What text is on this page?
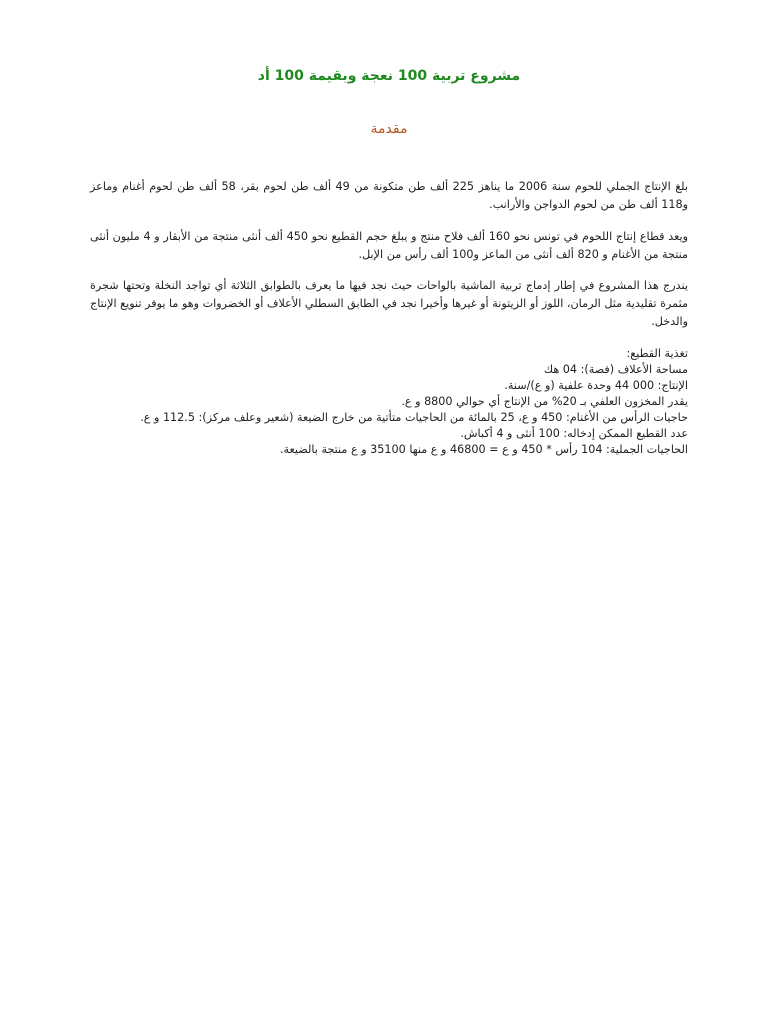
مشروع تربية 100 نعجة وبقيمة 100 أد
مقدمة

بلغ الإنتاج الجملي للحوم سنة 2006 ما يناهز 225 ألف طن متكونة من 49 ألف طن لحوم بقر، 58 ألف طن لحوم أغنام وماعز و118 ألف طن من لحوم الدواجن والأرانب.

ويعد قطاع إنتاج اللحوم في تونس نحو 160 ألف فلاح منتج و يبلغ حجم القطيع نحو 450 ألف أنثى منتجة من الأبقار و 4 مليون أنثى منتجة من الأغنام و 820 ألف أنثى من الماعز و100 ألف رأس من الإبل.

يندرج هذا المشروع في إطار إدماج تربية الماشية بالواحات حيث نجد فيها ما يعرف بالطوابق الثلاثة أي تواجد النخلة وتحتها شجرة مثمرة تقليدية مثل الرمان، اللوز أو الزيتونة أو غيرها وأخيرا نجد في الطابق السطلي الأعلاف أو الخضروات وهو ما يوفر تنويع الإنتاج والدخل.

تغذية القطيع:
مساحة الأعلاف (فصة): 04 هك
الإنتاج: 000 44 وحدة علفية (و ع)/سنة.
يقدر المخزون العلفي بـ 20% من الإنتاج أي حوالي 8800 و ع.
حاجيات الرأس من الأغنام: 450 و ع، 25 بالمائة من الحاجيات متأتية من خارج الضيعة (شعير وعلف مركز): 112.5 و ع.
عدد القطيع الممكن إدخاله: 100 أنثى و 4 أكباش.
الحاجيات الجملية: 104 رأس * 450 و ع = 46800 و ع منها 35100 و ع منتجة بالضيعة.
